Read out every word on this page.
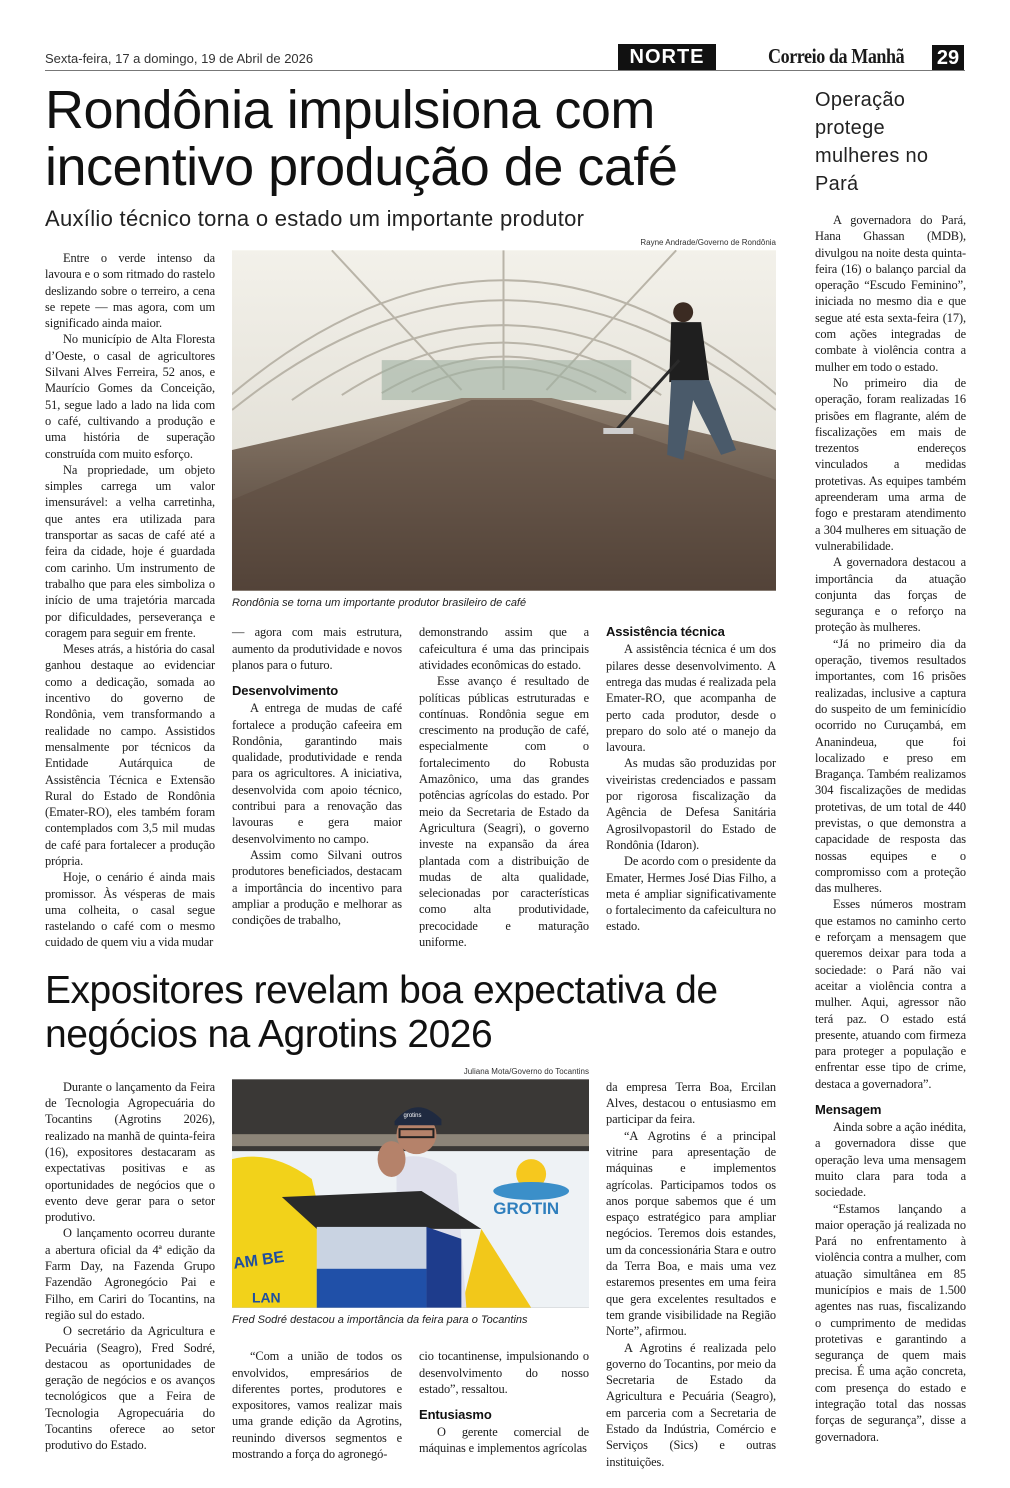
Sexta-feira, 17 a domingo, 19 de Abril de 2026	NORTE	Correio da Manhã 29
Rondônia impulsiona com incentivo produção de café
Auxílio técnico torna o estado um importante produtor

Entre o verde intenso da lavoura e o som ritmado do rastelo deslizando sobre o terreiro, a cena se repete — mas agora, com um significado ainda maior.

No município de Alta Floresta d’Oeste, o casal de agricultores Silvani Alves Ferreira, 52 anos, e Maurício Gomes da Conceição, 51, segue lado a lado na lida com o café, cultivando a produção e uma história de superação construída com muito esforço.

Na propriedade, um objeto simples carrega um valor imensurável: a velha carretinha, que antes era utilizada para transportar as sacas de café até a feira da cidade, hoje é guardada com carinho. Um instrumento de trabalho que para eles simboliza o início de uma trajetória marcada por dificuldades, perseverança e coragem para seguir em frente.

Meses atrás, a história do casal ganhou destaque ao evidenciar como a dedicação, somada ao incentivo do governo de Rondônia, vem transformando a realidade no campo. Assistidos mensalmente por técnicos da Entidade Autárquica de Assistência Técnica e Extensão Rural do Estado de Rondônia (Emater-RO), eles também foram contemplados com 3,5 mil mudas de café para fortalecer a produção própria.

Hoje, o cenário é ainda mais promissor. Às vésperas de mais uma colheita, o casal segue rastelando o café com o mesmo cuidado de quem viu a vida mudar

Rayne Andrade/Governo de Rondônia
Rondônia se torna um importante produtor brasileiro de café

— agora com mais estrutura, aumento da produtividade e novos planos para o futuro.

Desenvolvimento

A entrega de mudas de café fortalece a produção cafeeira em Rondônia, garantindo mais qualidade, produtividade e renda para os agricultores. A iniciativa, desenvolvida com apoio técnico, contribui para a renovação das lavouras e gera maior desenvolvimento no campo.

Assim como Silvani outros produtores beneficiados, destacam a importância do incentivo para ampliar a produção e melhorar as condições de trabalho,

demonstrando assim que a cafeicultura é uma das principais atividades econômicas do estado.

Esse avanço é resultado de políticas públicas estruturadas e contínuas. Rondônia segue em crescimento na produção de café, especialmente com o fortalecimento do Robusta Amazônico, uma das grandes potências agrícolas do estado. Por meio da Secretaria de Estado da Agricultura (Seagri), o governo investe na expansão da área plantada com a distribuição de mudas de alta qualidade, selecionadas por características como alta produtividade, precocidade e maturação uniforme.

Assistência técnica

A assistência técnica é um dos pilares desse desenvolvimento. A entrega das mudas é realizada pela Emater-RO, que acompanha de perto cada produtor, desde o preparo do solo até o manejo da lavoura.

As mudas são produzidas por viveiristas credenciados e passam por rigorosa fiscalização da Agência de Defesa Sanitária Agrosilvopastoril do Estado de Rondônia (Idaron).

De acordo com o presidente da Emater, Hermes José Dias Filho, a meta é ampliar significativamente o fortalecimento da cafeicultura no estado.

Expositores revelam boa expectativa de negócios na Agrotins 2026

Durante o lançamento da Feira de Tecnologia Agropecuária do Tocantins (Agrotins 2026), realizado na manhã de quinta-feira (16), expositores destacaram as expectativas positivas e as oportunidades de negócios que o evento deve gerar para o setor produtivo.

O lançamento ocorreu durante a abertura oficial da 4ª edição da Farm Day, na Fazenda Grupo Fazendão Agronegócio Pai e Filho, em Cariri do Tocantins, na região sul do estado.

O secretário da Agricultura e Pecuária (Seagro), Fred Sodré, destacou as oportunidades de geração de negócios e os avanços tecnológicos que a Feira de Tecnologia Agropecuária do Tocantins oferece ao setor produtivo do Estado.

Juliana Mota/Governo do Tocantins
GROTIN
AM BE
LAN
grotins
Fred Sodré destacou a importância da feira para o Tocantins

“Com a união de todos os envolvidos, empresários de diferentes portes, produtores e expositores, vamos realizar mais uma grande edição da Agrotins, reunindo diversos segmentos e mostrando a força do agronegó-

cio tocantinense, impulsionando o desenvolvimento do nosso estado”, ressaltou.

Entusiasmo

O gerente comercial de máquinas e implementos agrícolas

da empresa Terra Boa, Ercilan Alves, destacou o entusiasmo em participar da feira.

“A Agrotins é a principal vitrine para apresentação de máquinas e implementos agrícolas. Participamos todos os anos porque sabemos que é um espaço estratégico para ampliar negócios. Teremos dois estandes, um da concessionária Stara e outro da Terra Boa, e mais uma vez estaremos presentes em uma feira que gera excelentes resultados e tem grande visibilidade na Região Norte”, afirmou.

A Agrotins é realizada pelo governo do Tocantins, por meio da Secretaria de Estado da Agricultura e Pecuária (Seagro), em parceria com a Secretaria de Estado da Indústria, Comércio e Serviços (Sics) e outras instituições.

Operação protege mulheres no Pará

A governadora do Pará, Hana Ghassan (MDB), divulgou na noite desta quinta-feira (16) o balanço parcial da operação “Escudo Feminino”, iniciada no mesmo dia e que segue até esta sexta-feira (17), com ações integradas de combate à violência contra a mulher em todo o estado.

No primeiro dia de operação, foram realizadas 16 prisões em flagrante, além de fiscalizações em mais de trezentos endereços vinculados a medidas protetivas. As equipes também apreenderam uma arma de fogo e prestaram atendimento a 304 mulheres em situação de vulnerabilidade.

A governadora destacou a importância da atuação conjunta das forças de segurança e o reforço na proteção às mulheres.

“Já no primeiro dia da operação, tivemos resultados importantes, com 16 prisões realizadas, inclusive a captura do suspeito de um feminicídio ocorrido no Curuçambá, em Ananindeua, que foi localizado e preso em Bragança. Também realizamos 304 fiscalizações de medidas protetivas, de um total de 440 previstas, o que demonstra a capacidade de resposta das nossas equipes e o compromisso com a proteção das mulheres.

Esses números mostram que estamos no caminho certo e reforçam a mensagem que queremos deixar para toda a sociedade: o Pará não vai aceitar a violência contra a mulher. Aqui, agressor não terá paz. O estado está presente, atuando com firmeza para proteger a população e enfrentar esse tipo de crime, destaca a governadora”.

Mensagem

Ainda sobre a ação inédita, a governadora disse que operação leva uma mensagem muito clara para toda a sociedade.

“Estamos lançando a maior operação já realizada no Pará no enfrentamento à violência contra a mulher, com atuação simultânea em 85 municípios e mais de 1.500 agentes nas ruas, fiscalizando o cumprimento de medidas protetivas e garantindo a segurança de quem mais precisa. É uma ação concreta, com presença do estado e integração total das nossas forças de segurança”, disse a governadora.
